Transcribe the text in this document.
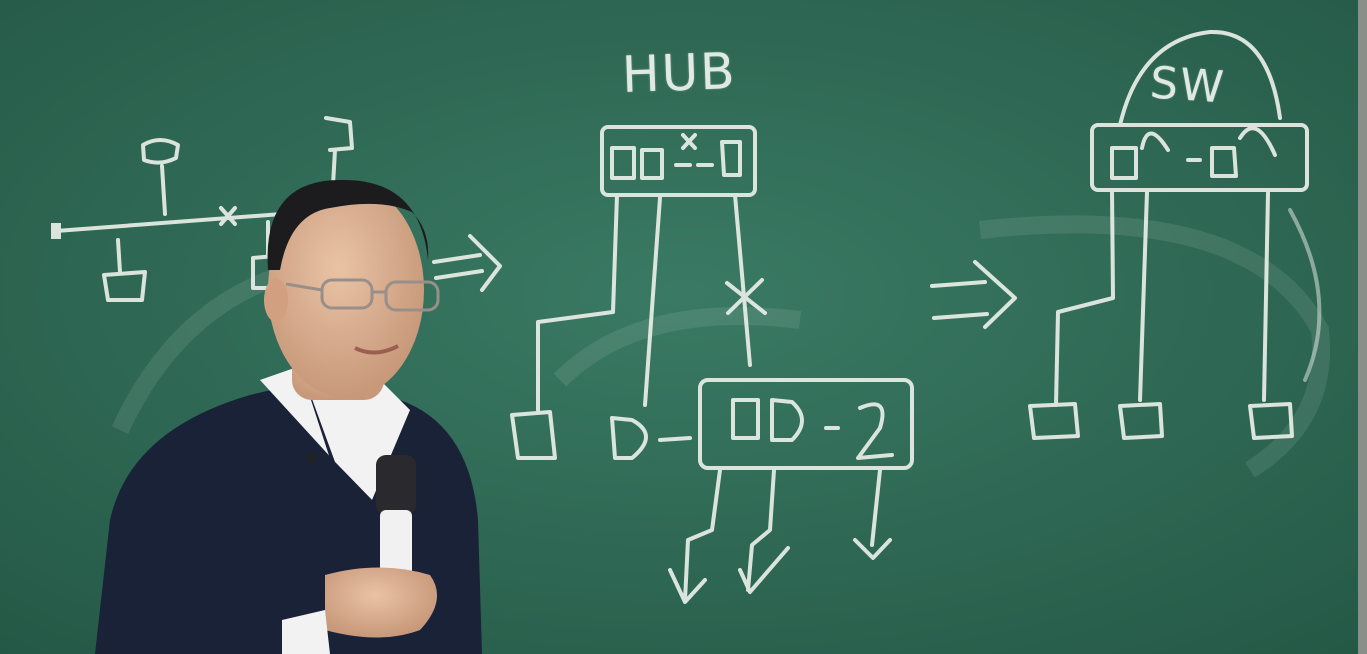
HUB	SW
